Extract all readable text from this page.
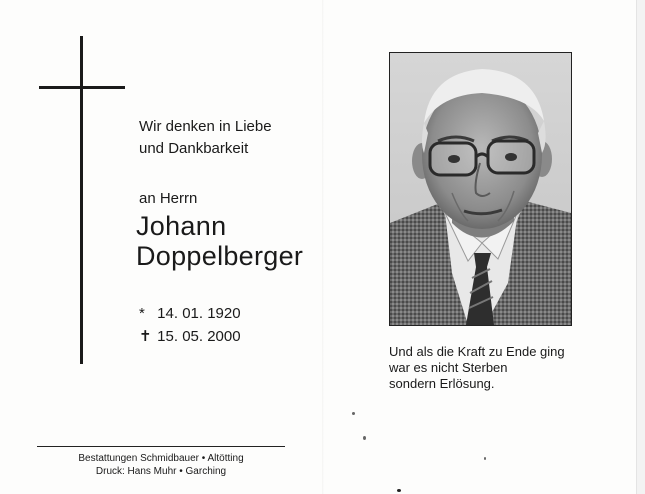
Wir denken in Liebe
und Dankbarkeit
an Herrn
Johann
Doppelberger
* 14. 01. 1920
✝ 15. 05. 2000
Bestattungen Schmidbauer • Altötting
Druck: Hans Muhr • Garching
Und als die Kraft zu Ende ging
war es nicht Sterben
sondern Erlösung.
